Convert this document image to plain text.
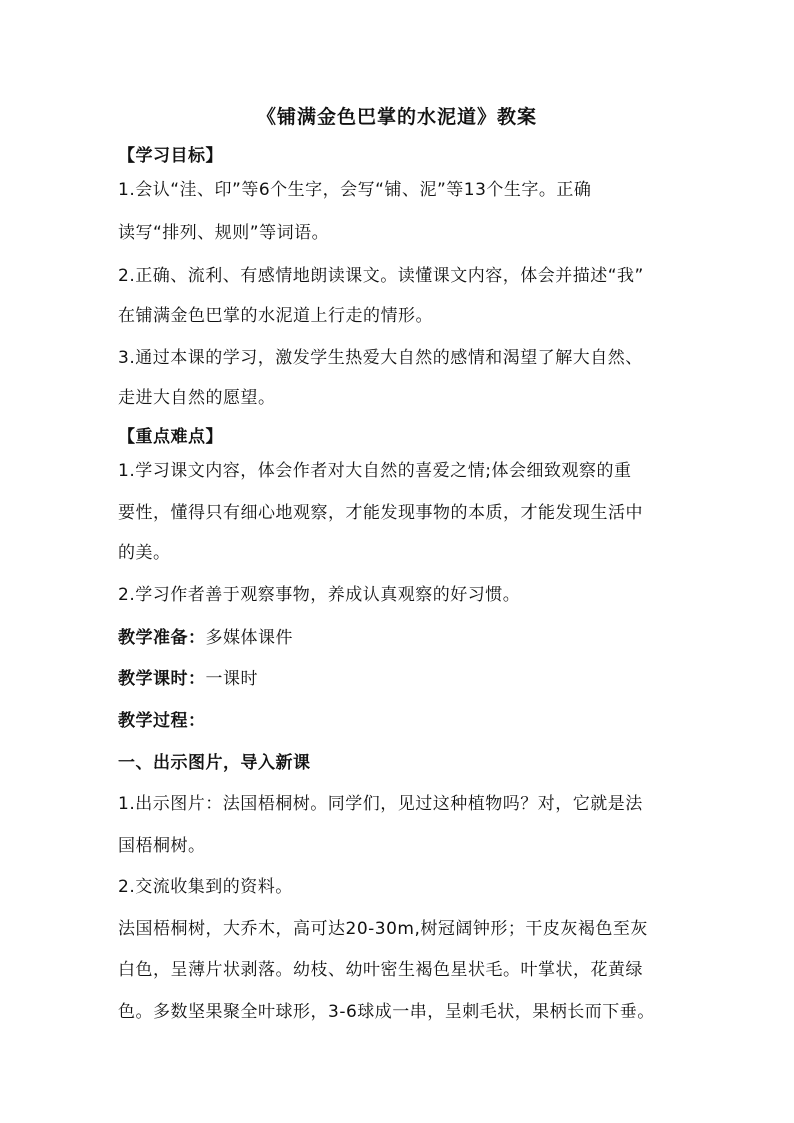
《铺满金色巴掌的水泥道》教案
【学习目标】
1.会认“洼、印”等6个生字，会写“铺、泥”等13个生字。正确
读写“排列、规则”等词语。
2.正确、流利、有感情地朗读课文。读懂课文内容，体会并描述“我”
在铺满金色巴掌的水泥道上行走的情形。
3.通过本课的学习，激发学生热爱大自然的感情和渴望了解大自然、
走进大自然的愿望。
【重点难点】
1.学习课文内容，体会作者对大自然的喜爱之情;体会细致观察的重
要性，懂得只有细心地观察，才能发现事物的本质，才能发现生活中
的美。
2.学习作者善于观察事物，养成认真观察的好习惯。
教学准备：多媒体课件
教学课时：一课时
教学过程：
一、出示图片，导入新课
1.出示图片：法国梧桐树。同学们，见过这种植物吗？对，它就是法
国梧桐树。
2.交流收集到的资料。
法国梧桐树，大乔木，高可达20-30m,树冠阔钟形；干皮灰褐色至灰
白色，呈薄片状剥落。幼枝、幼叶密生褐色星状毛。叶掌状，花黄绿
色。多数坚果聚全叶球形，3-6球成一串，呈刺毛状，果柄长而下垂。
